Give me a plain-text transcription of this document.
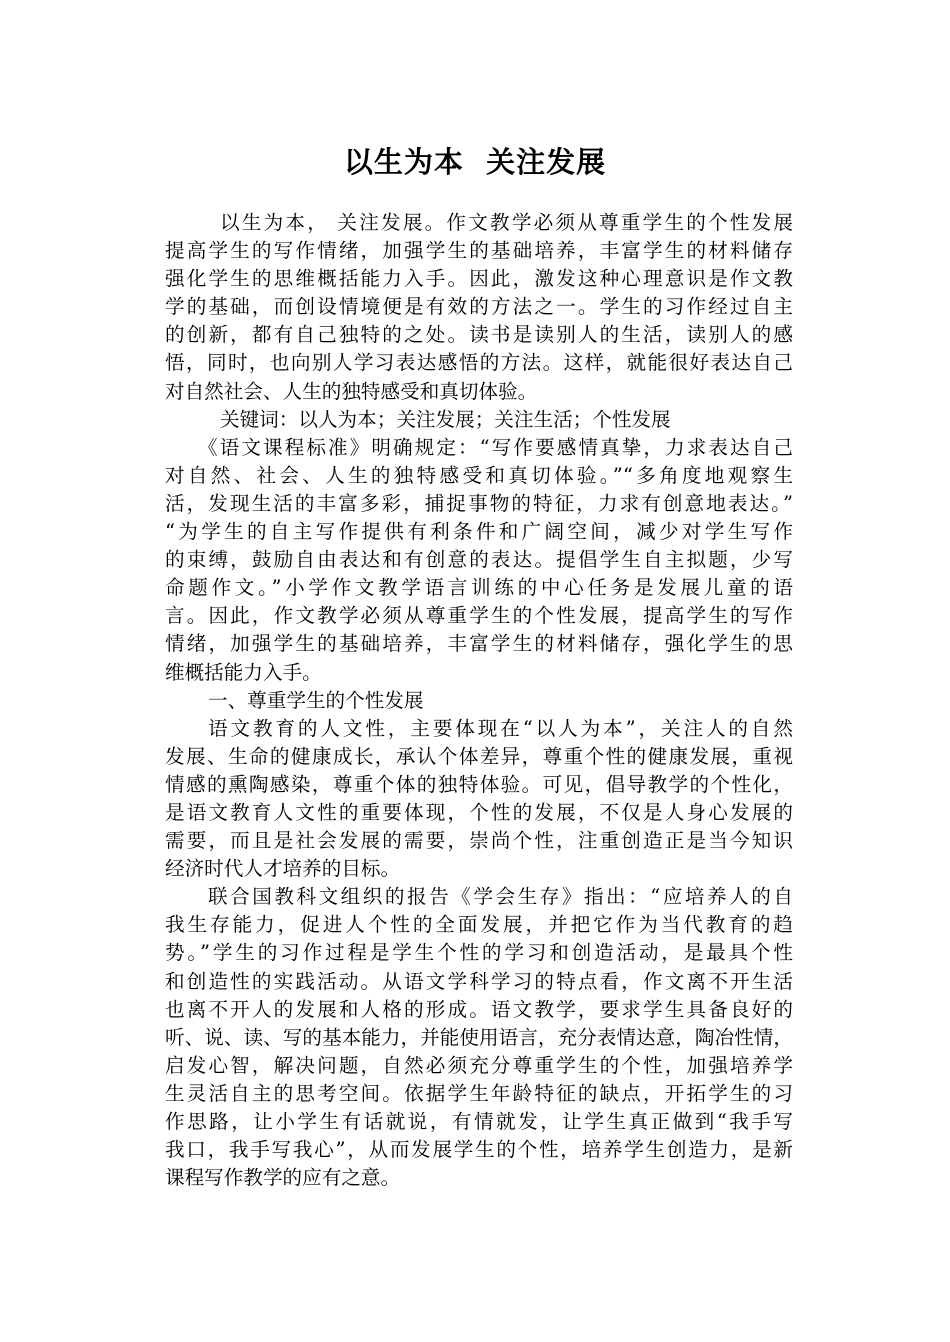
以生为本  关注发展
以生为本， 关注发展。作文教学必须从尊重学生的个性发展
提高学生的写作情绪，加强学生的基础培养，丰富学生的材料储存
强化学生的思维概括能力入手。因此，激发这种心理意识是作文教
学的基础，而创设情境便是有效的方法之一。学生的习作经过自主
的创新，都有自己独特的之处。读书是读别人的生活，读别人的感
悟，同时，也向别人学习表达感悟的方法。这样，就能很好表达自己
对自然社会、人生的独特感受和真切体验。
关键词：以人为本；关注发展；关注生活；个性发展
《语文课程标准》明确规定：“写作要感情真挚，力求表达自己
对自然、社会、人生的独特感受和真切体验。”“多角度地观察生
活，发现生活的丰富多彩，捕捉事物的特征，力求有创意地表达。”
“为学生的自主写作提供有利条件和广阔空间，减少对学生写作
的束缚，鼓励自由表达和有创意的表达。提倡学生自主拟题，少写
命题作文。”小学作文教学语言训练的中心任务是发展儿童的语
言。因此，作文教学必须从尊重学生的个性发展，提高学生的写作
情绪，加强学生的基础培养，丰富学生的材料储存，强化学生的思
维概括能力入手。
一、尊重学生的个性发展
语文教育的人文性，主要体现在“以人为本”，关注人的自然
发展、生命的健康成长，承认个体差异，尊重个性的健康发展，重视
情感的熏陶感染，尊重个体的独特体验。可见，倡导教学的个性化，
是语文教育人文性的重要体现，个性的发展，不仅是人身心发展的
需要，而且是社会发展的需要，崇尚个性，注重创造正是当今知识
经济时代人才培养的目标。
联合国教科文组织的报告《学会生存》指出：“应培养人的自
我生存能力，促进人个性的全面发展，并把它作为当代教育的趋
势。”学生的习作过程是学生个性的学习和创造活动，是最具个性
和创造性的实践活动。从语文学科学习的特点看，作文离不开生活
也离不开人的发展和人格的形成。语文教学，要求学生具备良好的
听、说、读、写的基本能力，并能使用语言，充分表情达意，陶冶性情，
启发心智，解决问题，自然必须充分尊重学生的个性，加强培养学
生灵活自主的思考空间。依据学生年龄特征的缺点，开拓学生的习
作思路，让小学生有话就说，有情就发，让学生真正做到“我手写
我口，我手写我心”，从而发展学生的个性，培养学生创造力，是新
课程写作教学的应有之意。
